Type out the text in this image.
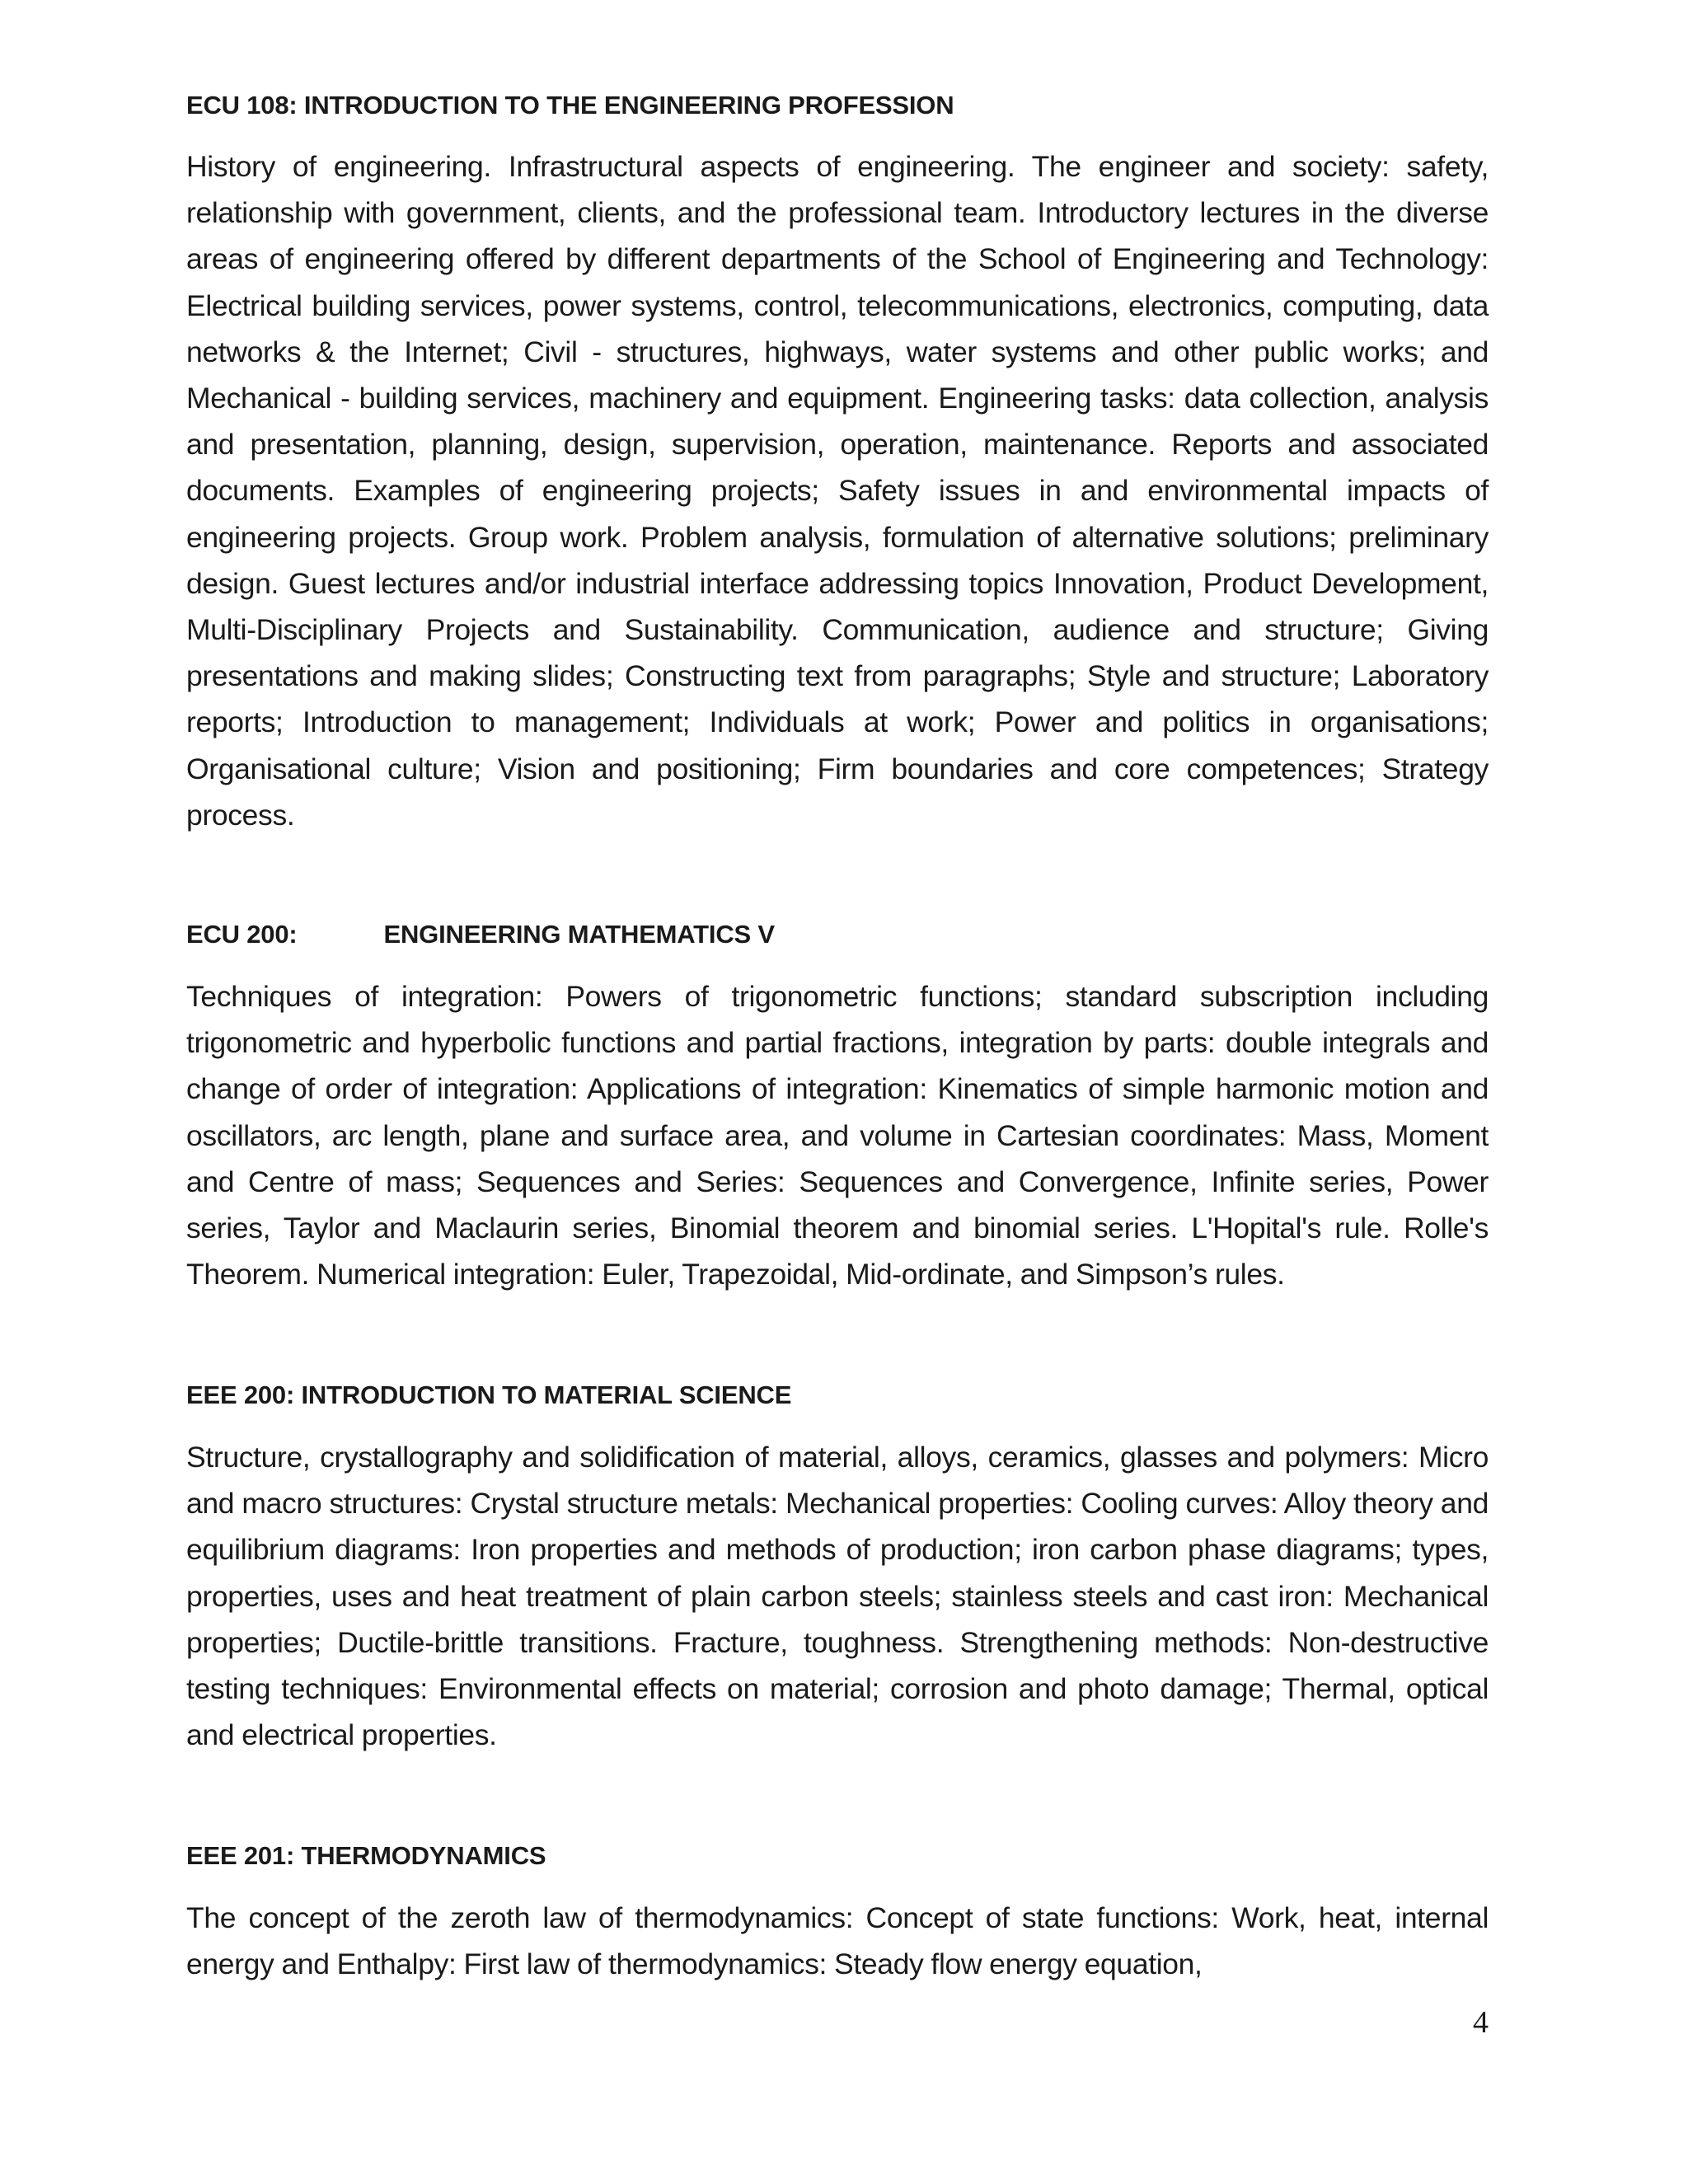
ECU 108: INTRODUCTION TO THE ENGINEERING PROFESSION

History of engineering. Infrastructural aspects of engineering. The engineer and society: safety, relationship with government, clients, and the professional team. Introductory lectures in the diverse areas of engineering offered by different departments of the School of Engineering and Technology: Electrical building services, power systems, control, telecommunications, electronics, computing, data networks & the Internet; Civil - structures, highways, water systems and other public works; and Mechanical - building services, machinery and equipment. Engineering tasks: data collection, analysis and presentation, planning, design, supervision, operation, maintenance. Reports and associated documents. Examples of engineering projects; Safety issues in and environmental impacts of engineering projects. Group work. Problem analysis, formulation of alternative solutions; preliminary design. Guest lectures and/or industrial interface addressing topics Innovation, Product Development, Multi-Disciplinary Projects and Sustainability. Communication, audience and structure; Giving presentations and making slides; Constructing text from paragraphs; Style and structure; Laboratory reports; Introduction to management; Individuals at work; Power and politics in organisations; Organisational culture; Vision and positioning; Firm boundaries and core competences; Strategy process.

ECU 200:	ENGINEERING MATHEMATICS V

Techniques of integration: Powers of trigonometric functions; standard subscription including trigonometric and hyperbolic functions and partial fractions, integration by parts: double integrals and change of order of integration: Applications of integration: Kinematics of simple harmonic motion and oscillators, arc length, plane and surface area, and volume in Cartesian coordinates: Mass, Moment and Centre of mass; Sequences and Series: Sequences and Convergence, Infinite series, Power series, Taylor and Maclaurin series, Binomial theorem and binomial series. L'Hopital's rule. Rolle's Theorem. Numerical integration: Euler, Trapezoidal, Mid-ordinate, and Simpson’s rules.

EEE 200: INTRODUCTION TO MATERIAL SCIENCE

Structure, crystallography and solidification of material, alloys, ceramics, glasses and polymers: Micro and macro structures: Crystal structure metals: Mechanical properties: Cooling curves: Alloy theory and equilibrium diagrams: Iron properties and methods of production; iron carbon phase diagrams; types, properties, uses and heat treatment of plain carbon steels; stainless steels and cast iron: Mechanical properties; Ductile-brittle transitions. Fracture, toughness. Strengthening methods: Non-destructive testing techniques: Environmental effects on material; corrosion and photo damage; Thermal, optical and electrical properties.

EEE 201: THERMODYNAMICS

The concept of the zeroth law of thermodynamics: Concept of state functions: Work, heat, internal energy and Enthalpy: First law of thermodynamics: Steady flow energy equation,

4
